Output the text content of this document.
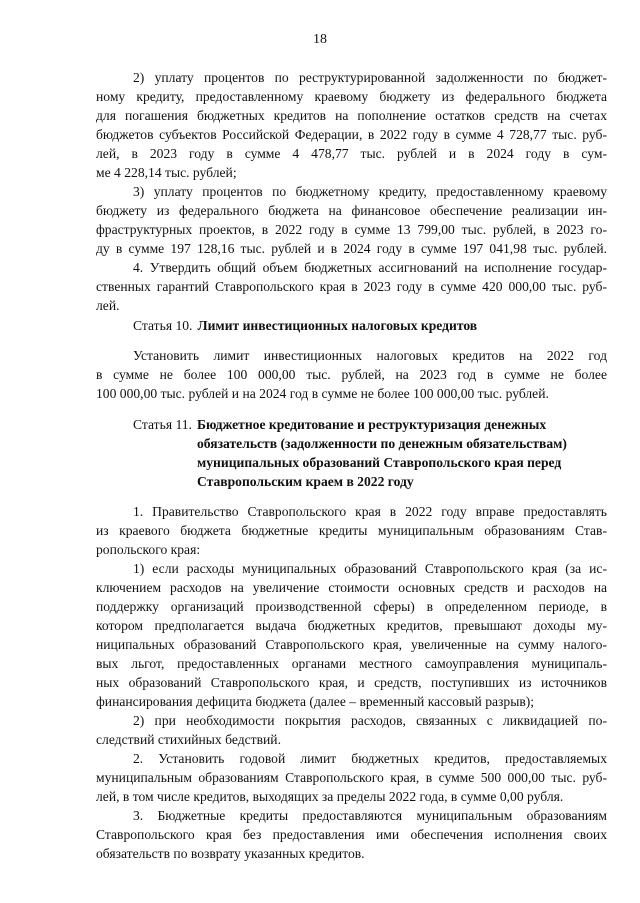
18
2) уплату процентов по реструктурированной задолженности по бюджет-
ному кредиту, предоставленному краевому бюджету из федерального бюджета
для погашения бюджетных кредитов на пополнение остатков средств на счетах
бюджетов субъектов Российской Федерации, в 2022 году в сумме 4 728,77 тыс. руб-
лей, в 2023 году в сумме 4 478,77 тыс. рублей и в 2024 году в сум-
ме 4 228,14 тыс. рублей;
3) уплату процентов по бюджетному кредиту, предоставленному краевому
бюджету из федерального бюджета на финансовое обеспечение реализации ин-
фраструктурных проектов, в 2022 году в сумме 13 799,00 тыс. рублей, в 2023 го-
ду в сумме 197 128,16 тыс. рублей и в 2024 году в сумме 197 041,98 тыс. рублей.
4. Утвердить общий объем бюджетных ассигнований на исполнение государ-
ственных гарантий Ставропольского края в 2023 году в сумме 420 000,00 тыс. руб-
лей.
Статья 10. Лимит инвестиционных налоговых кредитов
Установить лимит инвестиционных налоговых кредитов на 2022 год
в сумме не более 100 000,00 тыс. рублей, на 2023 год в сумме не более
100 000,00 тыс. рублей и на 2024 год в сумме не более 100 000,00 тыс. рублей.
Статья 11. Бюджетное кредитование и реструктуризация денежных
обязательств (задолженности по денежным обязательствам)
муниципальных образований Ставропольского края перед
Ставропольским краем в 2022 году
1. Правительство Ставропольского края в 2022 году вправе предоставлять
из краевого бюджета бюджетные кредиты муниципальным образованиям Став-
ропольского края:
1) если расходы муниципальных образований Ставропольского края (за ис-
ключением расходов на увеличение стоимости основных средств и расходов на
поддержку организаций производственной сферы) в определенном периоде, в
котором предполагается выдача бюджетных кредитов, превышают доходы му-
ниципальных образований Ставропольского края, увеличенные на сумму налого-
вых льгот, предоставленных органами местного самоуправления муниципаль-
ных образований Ставропольского края, и средств, поступивших из источников
финансирования дефицита бюджета (далее – временный кассовый разрыв);
2) при необходимости покрытия расходов, связанных с ликвидацией по-
следствий стихийных бедствий.
2. Установить годовой лимит бюджетных кредитов, предоставляемых
муниципальным образованиям Ставропольского края, в сумме 500 000,00 тыс. руб-
лей, в том числе кредитов, выходящих за пределы 2022 года, в сумме 0,00 рубля.
3. Бюджетные кредиты предоставляются муниципальным образованиям
Ставропольского края без предоставления ими обеспечения исполнения своих
обязательств по возврату указанных кредитов.
